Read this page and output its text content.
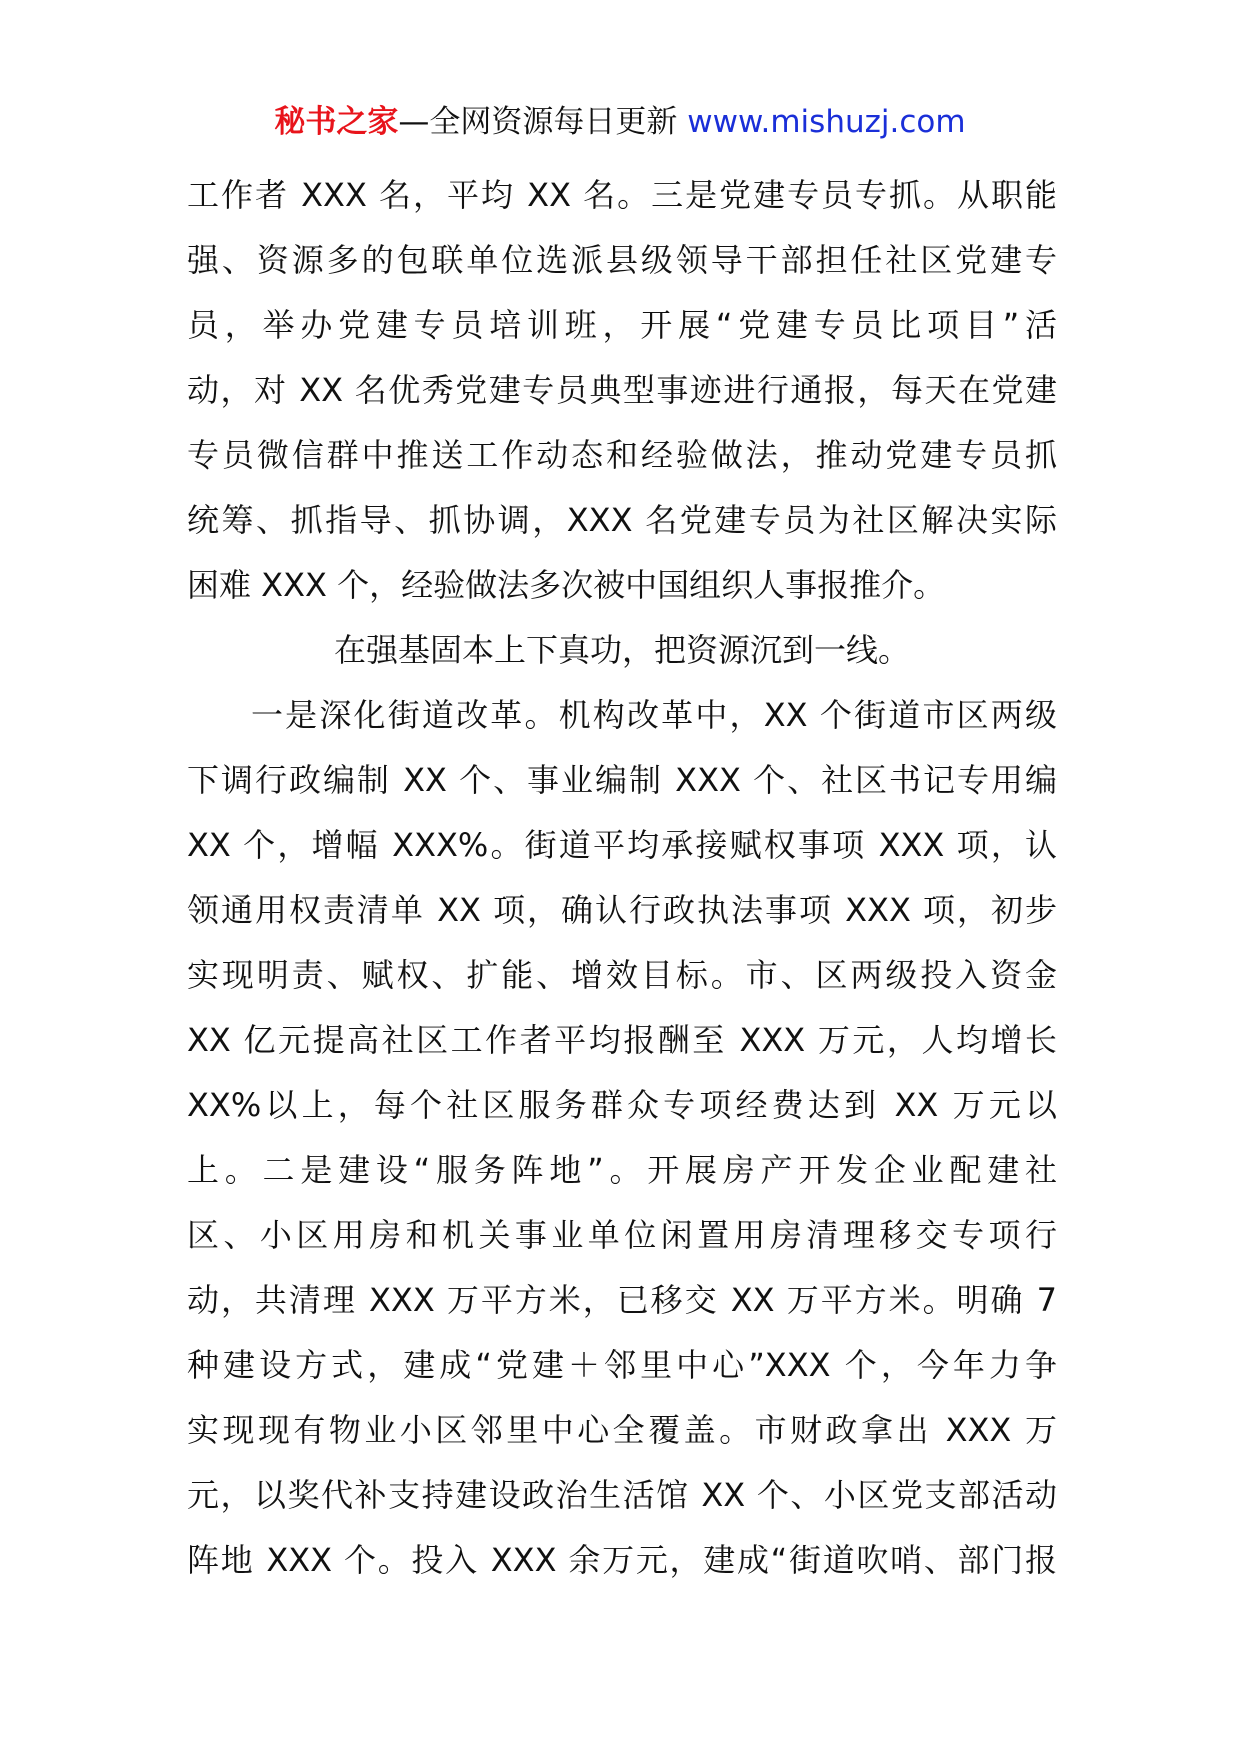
秘书之家—全网资源每日更新 www.mishuzj.com
工作者 XXX 名，平均 XX 名。三是党建专员专抓。从职能
强、资源多的包联单位选派县级领导干部担任社区党建专
员，举办党建专员培训班，开展“党建专员比项目”活
动，对 XX 名优秀党建专员典型事迹进行通报，每天在党建
专员微信群中推送工作动态和经验做法，推动党建专员抓
统筹、抓指导、抓协调，XXX 名党建专员为社区解决实际
困难 XXX 个，经验做法多次被中国组织人事报推介。
在强基固本上下真功，把资源沉到一线。
一是深化街道改革。机构改革中，XX 个街道市区两级
下调行政编制 XX 个、事业编制 XXX 个、社区书记专用编
XX 个，增幅 XXX%。街道平均承接赋权事项 XXX 项，认
领通用权责清单 XX 项，确认行政执法事项 XXX 项，初步
实现明责、赋权、扩能、增效目标。市、区两级投入资金
XX 亿元提高社区工作者平均报酬至 XXX 万元，人均增长
XX%以上，每个社区服务群众专项经费达到 XX 万元以
上。二是建设“服务阵地”。开展房产开发企业配建社
区、小区用房和机关事业单位闲置用房清理移交专项行
动，共清理 XXX 万平方米，已移交 XX 万平方米。明确 7
种建设方式，建成“党建＋邻里中心”XXX 个，今年力争
实现现有物业小区邻里中心全覆盖。市财政拿出 XXX 万
元，以奖代补支持建设政治生活馆 XX 个、小区党支部活动
阵地 XXX 个。投入 XXX 余万元，建成“街道吹哨、部门报
